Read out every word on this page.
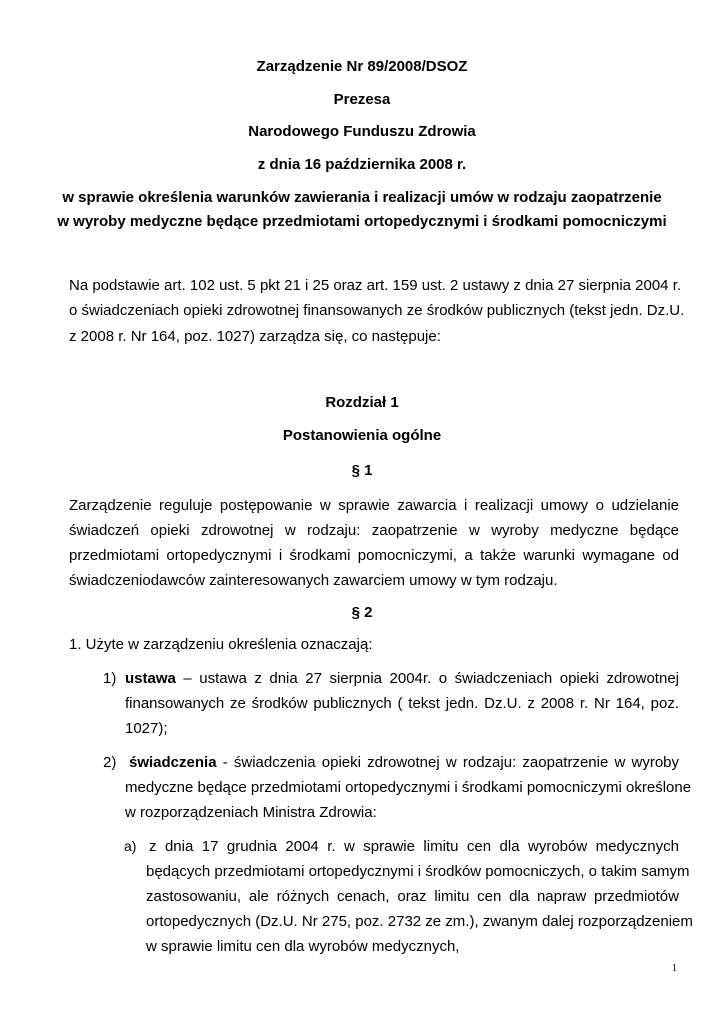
Zarządzenie Nr 89/2008/DSOZ
Prezesa
Narodowego Funduszu Zdrowia
z dnia 16 października 2008 r.
w sprawie określenia warunków zawierania i realizacji umów w rodzaju zaopatrzenie
w wyroby medyczne będące przedmiotami ortopedycznymi i środkami pomocniczymi
Na podstawie art. 102 ust. 5 pkt 21 i 25 oraz art. 159 ust. 2 ustawy z dnia 27 sierpnia 2004 r.
o świadczeniach opieki zdrowotnej finansowanych ze środków publicznych (tekst jedn. Dz.U.
z 2008 r. Nr 164, poz. 1027) zarządza się, co następuje:
Rozdział 1
Postanowienia ogólne
§ 1
Zarządzenie reguluje postępowanie w sprawie zawarcia i realizacji umowy o udzielanie
świadczeń opieki zdrowotnej w rodzaju: zaopatrzenie w wyroby medyczne będące
przedmiotami ortopedycznymi i środkami pomocniczymi, a także warunki wymagane od
świadczeniodawców zainteresowanych zawarciem umowy w tym rodzaju.
§ 2
1. Użyte w zarządzeniu określenia oznaczają:
1) ustawa – ustawa z dnia 27 sierpnia 2004r. o świadczeniach opieki zdrowotnej
finansowanych ze środków publicznych ( tekst jedn. Dz.U. z 2008 r. Nr 164, poz.
1027);
2) świadczenia - świadczenia opieki zdrowotnej w rodzaju: zaopatrzenie w wyroby
medyczne będące przedmiotami ortopedycznymi i środkami pomocniczymi określone
w rozporządzeniach Ministra Zdrowia:
a) z dnia 17 grudnia 2004 r. w sprawie limitu cen dla wyrobów medycznych
będących przedmiotami ortopedycznymi i środków pomocniczych, o takim samym
zastosowaniu, ale różnych cenach, oraz limitu cen dla napraw przedmiotów
ortopedycznych (Dz.U. Nr 275, poz. 2732 ze zm.), zwanym dalej rozporządzeniem
w sprawie limitu cen dla wyrobów medycznych,
1
